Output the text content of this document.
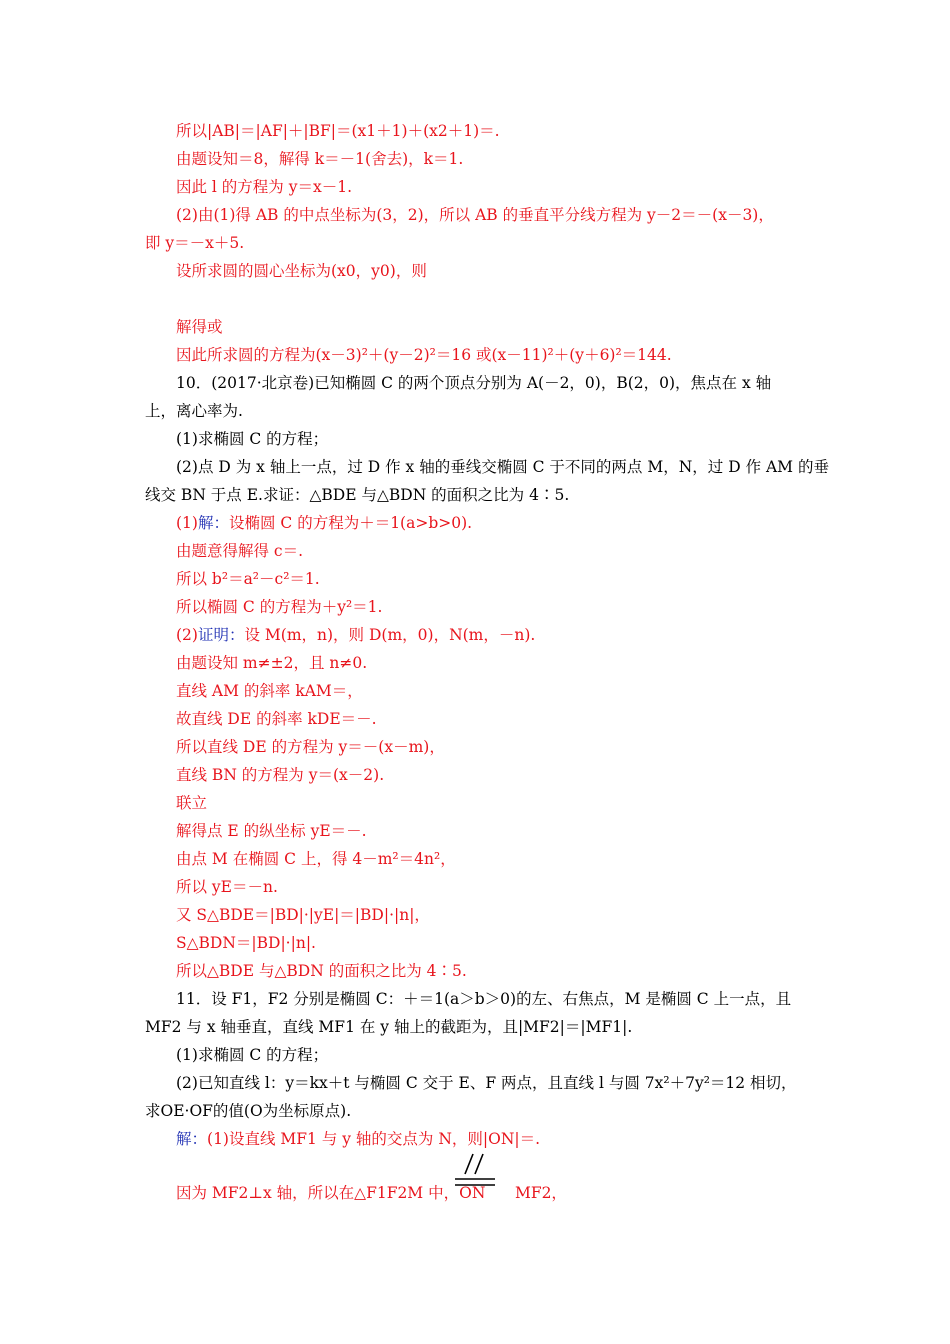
所以|AB|＝|AF|＋|BF|＝(x1＋1)＋(x2＋1)＝.
由题设知＝8，解得 k＝－1(舍去)，k＝1.
因此 l 的方程为 y＝x－1.
(2)由(1)得 AB 的中点坐标为(3，2)，所以 AB 的垂直平分线方程为 y－2＝－(x－3)，
即 y＝－x＋5.
设所求圆的圆心坐标为(x0，y0)，则
解得或
因此所求圆的方程为(x－3)²＋(y－2)²＝16 或(x－11)²＋(y＋6)²＝144.
10．(2017·北京卷)已知椭圆 C 的两个顶点分别为 A(－2，0)，B(2，0)，焦点在 x 轴
上，离心率为.
(1)求椭圆 C 的方程；
(2)点 D 为 x 轴上一点，过 D 作 x 轴的垂线交椭圆 C 于不同的两点 M，N，过 D 作 AM 的垂
线交 BN 于点 E.求证：△BDE 与△BDN 的面积之比为 4∶5.
(1)解：设椭圆 C 的方程为＋＝1(a>b>0).
由题意得解得 c＝.
所以 b²＝a²－c²＝1.
所以椭圆 C 的方程为＋y²＝1.
(2)证明：设 M(m，n)，则 D(m，0)，N(m，－n).
由题设知 m≠±2，且 n≠0.
直线 AM 的斜率 kAM＝，
故直线 DE 的斜率 kDE＝－.
所以直线 DE 的方程为 y＝－(x－m)，
直线 BN 的方程为 y＝(x－2).
联立
解得点 E 的纵坐标 yE＝－.
由点 M 在椭圆 C 上，得 4－m²＝4n²，
所以 yE＝－n.
又 S△BDE＝|BD|·|yE|＝|BD|·|n|，
S△BDN＝|BD|·|n|.
所以△BDE 与△BDN 的面积之比为 4∶5.
11．设 F1，F2 分别是椭圆 C：＋＝1(a＞b＞0)的左、右焦点，M 是椭圆 C 上一点，且
MF2 与 x 轴垂直，直线 MF1 在 y 轴上的截距为，且|MF2|＝|MF1|.
(1)求椭圆 C 的方程；
(2)已知直线 l：y＝kx＋t 与椭圆 C 交于 E、F 两点，且直线 l 与圆 7x²＋7y²＝12 相切，
求OE·OF的值(O为坐标原点).
解：(1)设直线 MF1 与 y 轴的交点为 N，则|ON|＝.
因为 MF2⊥x 轴，所以在△F1F2M 中，ON      MF2，
